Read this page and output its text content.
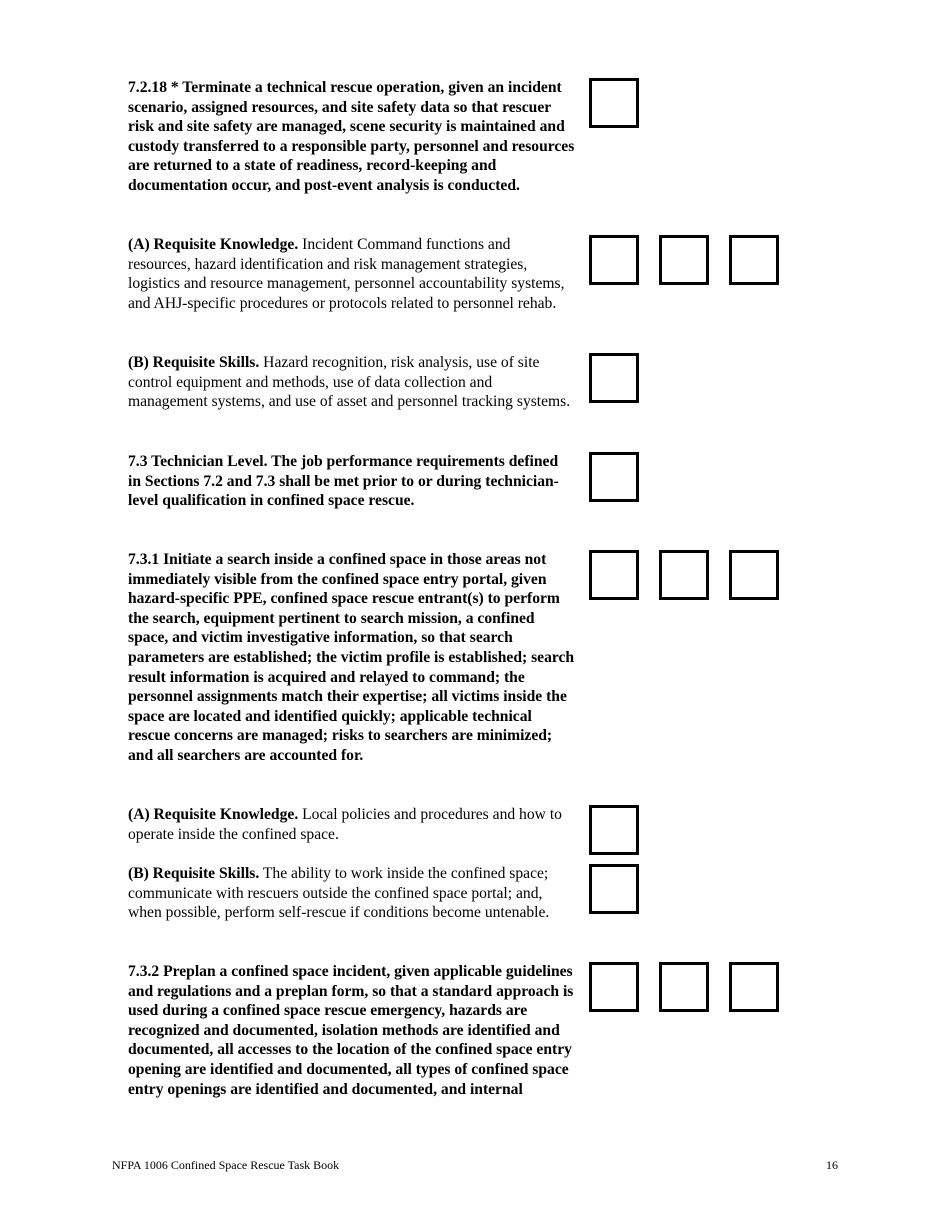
7.2.18 * Terminate a technical rescue operation, given an incident scenario, assigned resources, and site safety data so that rescuer risk and site safety are managed, scene security is maintained and custody transferred to a responsible party, personnel and resources are returned to a state of readiness, record-keeping and documentation occur, and post-event analysis is conducted.

(A) Requisite Knowledge. Incident Command functions and resources, hazard identification and risk management strategies, logistics and resource management, personnel accountability systems, and AHJ-specific procedures or protocols related to personnel rehab.

(B) Requisite Skills. Hazard recognition, risk analysis, use of site control equipment and methods, use of data collection and management systems, and use of asset and personnel tracking systems.

7.3 Technician Level. The job performance requirements defined in Sections 7.2 and 7.3 shall be met prior to or during technician-level qualification in confined space rescue.

7.3.1 Initiate a search inside a confined space in those areas not immediately visible from the confined space entry portal, given hazard-specific PPE, confined space rescue entrant(s) to perform the search, equipment pertinent to search mission, a confined space, and victim investigative information, so that search parameters are established; the victim profile is established; search result information is acquired and relayed to command; the personnel assignments match their expertise; all victims inside the space are located and identified quickly; applicable technical rescue concerns are managed; risks to searchers are minimized; and all searchers are accounted for.

(A) Requisite Knowledge. Local policies and procedures and how to operate inside the confined space.

(B) Requisite Skills. The ability to work inside the confined space; communicate with rescuers outside the confined space portal; and, when possible, perform self-rescue if conditions become untenable.

7.3.2 Preplan a confined space incident, given applicable guidelines and regulations and a preplan form, so that a standard approach is used during a confined space rescue emergency, hazards are recognized and documented, isolation methods are identified and documented, all accesses to the location of the confined space entry opening are identified and documented, all types of confined space entry openings are identified and documented, and internal

NFPA 1006 Confined Space Rescue Task Book	16
